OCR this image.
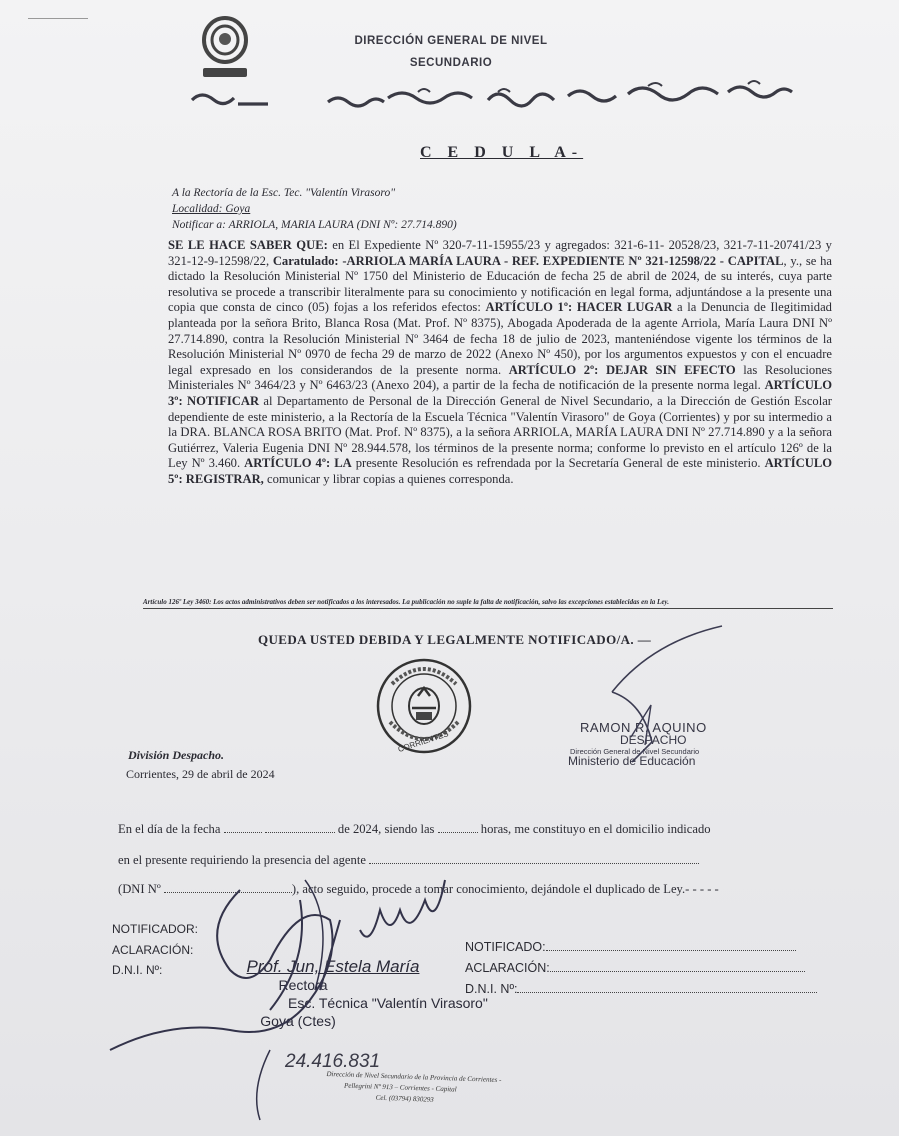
DIRECCIÓN GENERAL DE NIVEL
SECUNDARIO
C E D U L A-
A la Rectoría de la Esc. Tec. "Valentín Virasoro"
Localidad: Goya
Notificar a: ARRIOLA, MARIA LAURA (DNI Nº: 27.714.890)
SE LE HACE SABER QUE: en El Expediente Nº 320-7-11-15955/23 y agregados: 321-6-11- 20528/23, 321-7-11-20741/23 y 321-12-9-12598/22, Caratulado: -ARRIOLA MARÍA LAURA - REF. EXPEDIENTE Nº 321-12598/22 - CAPITAL, y., se ha dictado la Resolución Ministerial Nº 1750 del Ministerio de Educación de fecha 25 de abril de 2024, de su interés, cuya parte resolutiva se procede a transcribir literalmente para su conocimiento y notificación en legal forma, adjuntándose a la presente una copia que consta de cinco (05) fojas a los referidos efectos: ARTÍCULO 1º: HACER LUGAR a la Denuncia de Ilegitimidad planteada por la señora Brito, Blanca Rosa (Mat. Prof. Nº 8375), Abogada Apoderada de la agente Arriola, María Laura DNI Nº 27.714.890, contra la Resolución Ministerial Nº 3464 de fecha 18 de julio de 2023, manteniéndose vigente los términos de la Resolución Ministerial Nº 0970 de fecha 29 de marzo de 2022 (Anexo Nº 450), por los argumentos expuestos y con el encuadre legal expresado en los considerandos de la presente norma. ARTÍCULO 2º: DEJAR SIN EFECTO las Resoluciones Ministeriales Nº 3464/23 y Nº 6463/23 (Anexo 204), a partir de la fecha de notificación de la presente norma legal. ARTÍCULO 3º: NOTIFICAR al Departamento de Personal de la Dirección General de Nivel Secundario, a la Dirección de Gestión Escolar dependiente de este ministerio, a la Rectoría de la Escuela Técnica "Valentín Virasoro" de Goya (Corrientes) y por su intermedio a la DRA. BLANCA ROSA BRITO (Mat. Prof. Nº 8375), a la señora ARRIOLA, MARÍA LAURA DNI Nº 27.714.890 y a la señora Gutiérrez, Valeria Eugenia DNI Nº 28.944.578, los términos de la presente norma; conforme lo previsto en el artículo 126º de la Ley Nº 3.460. ARTÍCULO 4º: LA presente Resolución es refrendada por la Secretaría General de este ministerio. ARTÍCULO 5º: REGISTRAR, comunicar y librar copias a quienes corresponda.
Artículo 126º Ley 3460: Los actos administrativos deben ser notificados a los interesados. La publicación no suple la falta de notificación, salvo las excepciones establecidas en la Ley.
QUEDA USTED DEBIDA Y LEGALMENTE NOTIFICADO/A. —
CORRIENTES
RAMON R. AQUINO
DESPACHO
Dirección General de Nivel Secundario
Ministerio de Educación
División Despacho.
Corrientes, 29 de abril de 2024
En el día de la fecha	de 2024, siendo las	horas, me constituyo en el domicilio indicado
en el presente requiriendo la presencia del agente
(DNI Nº	), acto seguido, procede a tomar conocimiento, dejándole el duplicado de Ley.- - - - -
NOTIFICADOR:
ACLARACIÓN:
D.N.I. Nº:
NOTIFICADO:
ACLARACIÓN:
D.N.I. Nº:
Prof. Jun, Estela María
Rectora
Esc. Técnica "Valentín Virasoro"
Goya (Ctes)
24.416.831
Dirección de Nivel Secundario de la Provincia de Corrientes -
Pellegrini Nº 913 – Corrientes - Capital
Cel. (03794) 830293
